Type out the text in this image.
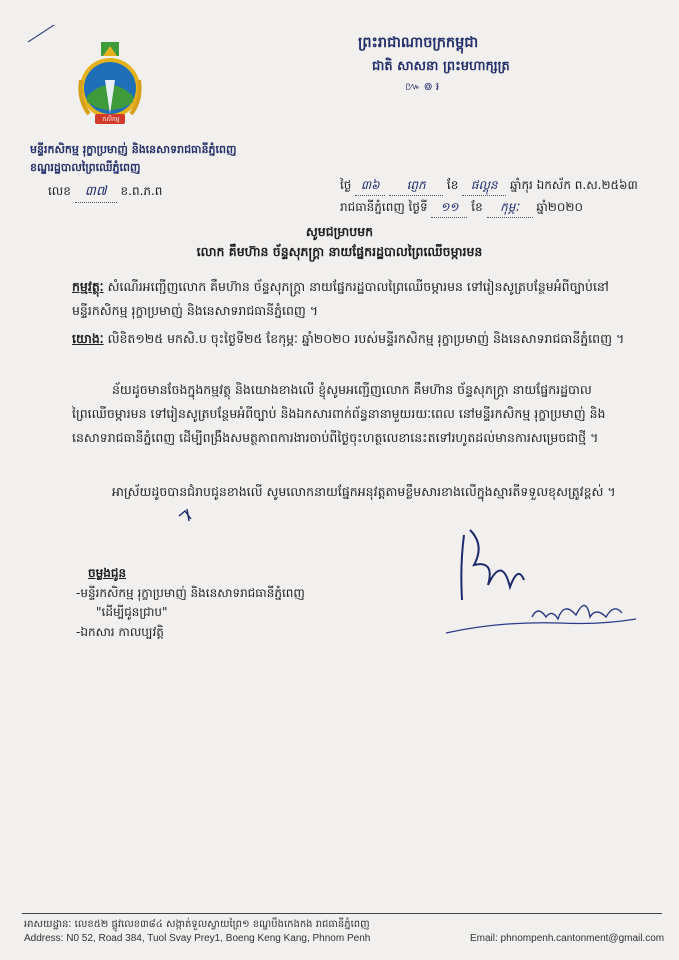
កសិកម្ម
ព្រះរាជាណាចក្រកម្ពុជា
ជាតិ សាសនា ព្រះមហាក្សត្រ
៚៙៛
មន្ទីរកសិកម្ម រុក្ខាប្រមាញ់ និងនេសាទរាជធានីភ្នំពេញ
ខណ្ឌរដ្ឋបាលព្រៃឈើភ្នំពេញ
លេខ ៣៧ ខ.ព.ភ.ព	ថ្ងៃ ៣៦ ពេ្ញក ខែ ផល្គុន ឆ្នាំកុរ ឯកស័ក ព.ស.២៥៦៣
រាជធានីភ្នំពេញ ថ្ងៃទី ១១ ខែ កុម្ភៈ ឆ្នាំ២០២០
សូមជម្រាបមក
លោក គឹមហ៊ាន ច័ន្ទសុភក្រ្តា នាយផ្នែករដ្ឋបាលព្រៃឈើចម្ការមន
កម្មវត្ថុៈ សំណើរអញ្ជើញលោក គឹមហ៊ាន ច័ន្ទសុភក្រ្តា នាយផ្នែករដ្ឋបាលព្រៃឈើចម្ការមន ទៅរៀនសូត្របន្ថែមអំពីច្បាប់នៅមន្ទីរកសិកម្ម រុក្ខាប្រមាញ់ និងនេសាទរាជធានីភ្នំពេញ ។
យោងៈ លិខិត១២៥ មកសិ.ប ចុះថ្ងៃទី២៥ ខែកុម្ភៈ ឆ្នាំ២០២០ របស់មន្ទីរកសិកម្ម រុក្ខាប្រមាញ់ និងនេសាទរាជធានីភ្នំពេញ ។
ន័យដូចមានចែងក្នុងកម្មវត្ថុ និងយោងខាងលើ ខ្ញុំសូមអញ្ជើញលោក គឹមហ៊ាន ច័ន្ទសុភក្រ្តា នាយផ្នែករដ្ឋបាលព្រៃឈើចម្ការមន ទៅរៀនសូត្របន្ថែមអំពីច្បាប់ និងឯកសារពាក់ព័ន្ធនានាមួយរយៈពេល នៅមន្ទីរកសិកម្ម រុក្ខាប្រមាញ់ និងនេសាទរាជធានីភ្នំពេញ ដើម្បីពង្រឹងសមត្ថភាពការងារចាប់ពីថ្ងៃចុះហត្ថលេខានេះតទៅរហូតដល់មានការសម្រេចជាថ្មី ។
អាស្រ័យដូចបានជំរាបជូនខាងលើ សូមលោកនាយផ្នែកអនុវត្តតាមខ្លឹមសារខាងលើក្នុងស្មារតីទទួលខុសត្រូវខ្ពស់ ។
ចម្លងជូន
-មន្ទីរកសិកម្ម រុក្ខាប្រមាញ់ និងនេសាទរាជធានីភ្នំពេញ
"ដើម្បីជូនជ្រាប"
-ឯកសារ កាលប្បវត្តិ
អាសយដ្ឋានៈ លេខ៥២ ផ្លូវលេខ៣៨៤ សង្កាត់ទួលស្វាយព្រៃ១ ខណ្ឌបឹងកេងកង រាជធានីភ្នំពេញ
Address: N0 52, Road 384, Tuol Svay Prey1, Boeng Keng Kang, Phnom Penh	Email: phnompenh.cantonment@gmail.com
